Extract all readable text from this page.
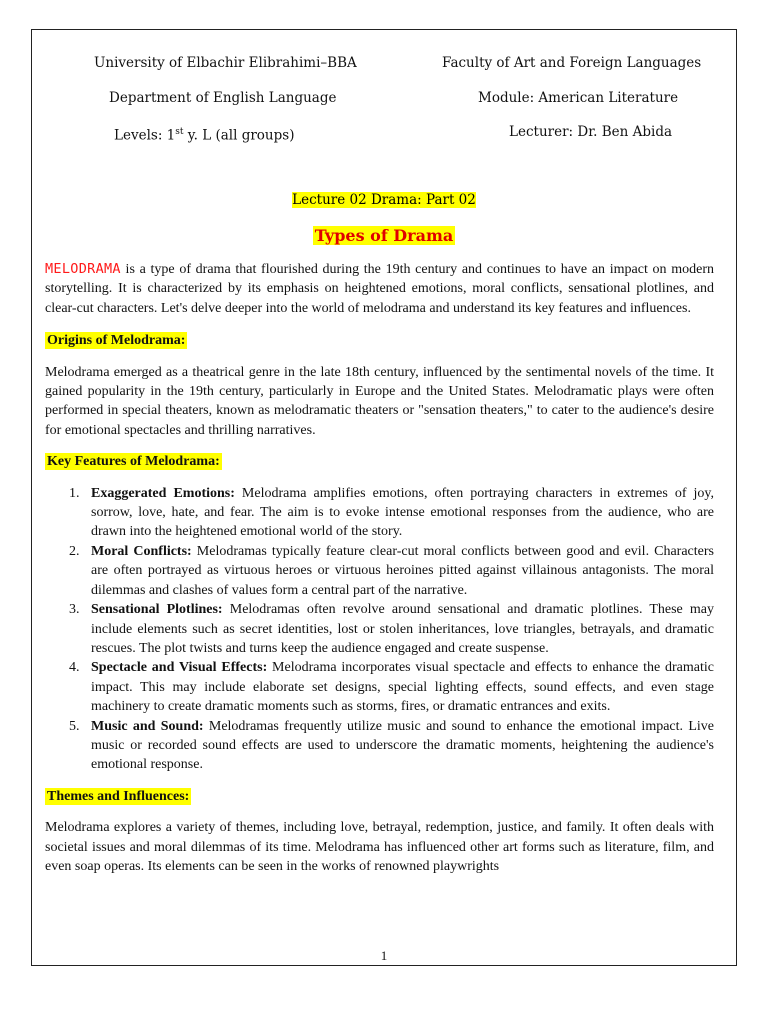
University of Elbachir Elibrahimi–BBA	Faculty of Art and Foreign Languages
Department of English Language	Module: American Literature
Levels: 1st y. L (all groups)	Lecturer: Dr. Ben Abida
Lecture 02 Drama: Part 02
Types of Drama

MELODRAMA is a type of drama that flourished during the 19th century and continues to have an impact on modern storytelling. It is characterized by its emphasis on heightened emotions, moral conflicts, sensational plotlines, and clear-cut characters. Let's delve deeper into the world of melodrama and understand its key features and influences.

Origins of Melodrama:

Melodrama emerged as a theatrical genre in the late 18th century, influenced by the sentimental novels of the time. It gained popularity in the 19th century, particularly in Europe and the United States. Melodramatic plays were often performed in special theaters, known as melodramatic theaters or "sensation theaters," to cater to the audience's desire for emotional spectacles and thrilling narratives.

Key Features of Melodrama:

1. Exaggerated Emotions: Melodrama amplifies emotions, often portraying characters in extremes of joy, sorrow, love, hate, and fear. The aim is to evoke intense emotional responses from the audience, who are drawn into the heightened emotional world of the story.
2. Moral Conflicts: Melodramas typically feature clear-cut moral conflicts between good and evil. Characters are often portrayed as virtuous heroes or virtuous heroines pitted against villainous antagonists. The moral dilemmas and clashes of values form a central part of the narrative.
3. Sensational Plotlines: Melodramas often revolve around sensational and dramatic plotlines. These may include elements such as secret identities, lost or stolen inheritances, love triangles, betrayals, and dramatic rescues. The plot twists and turns keep the audience engaged and create suspense.
4. Spectacle and Visual Effects: Melodrama incorporates visual spectacle and effects to enhance the dramatic impact. This may include elaborate set designs, special lighting effects, sound effects, and even stage machinery to create dramatic moments such as storms, fires, or dramatic entrances and exits.
5. Music and Sound: Melodramas frequently utilize music and sound to enhance the emotional impact. Live music or recorded sound effects are used to underscore the dramatic moments, heightening the audience's emotional response.

Themes and Influences:

Melodrama explores a variety of themes, including love, betrayal, redemption, justice, and family. It often deals with societal issues and moral dilemmas of its time. Melodrama has influenced other art forms such as literature, film, and even soap operas. Its elements can be seen in the works of renowned playwrights

1
